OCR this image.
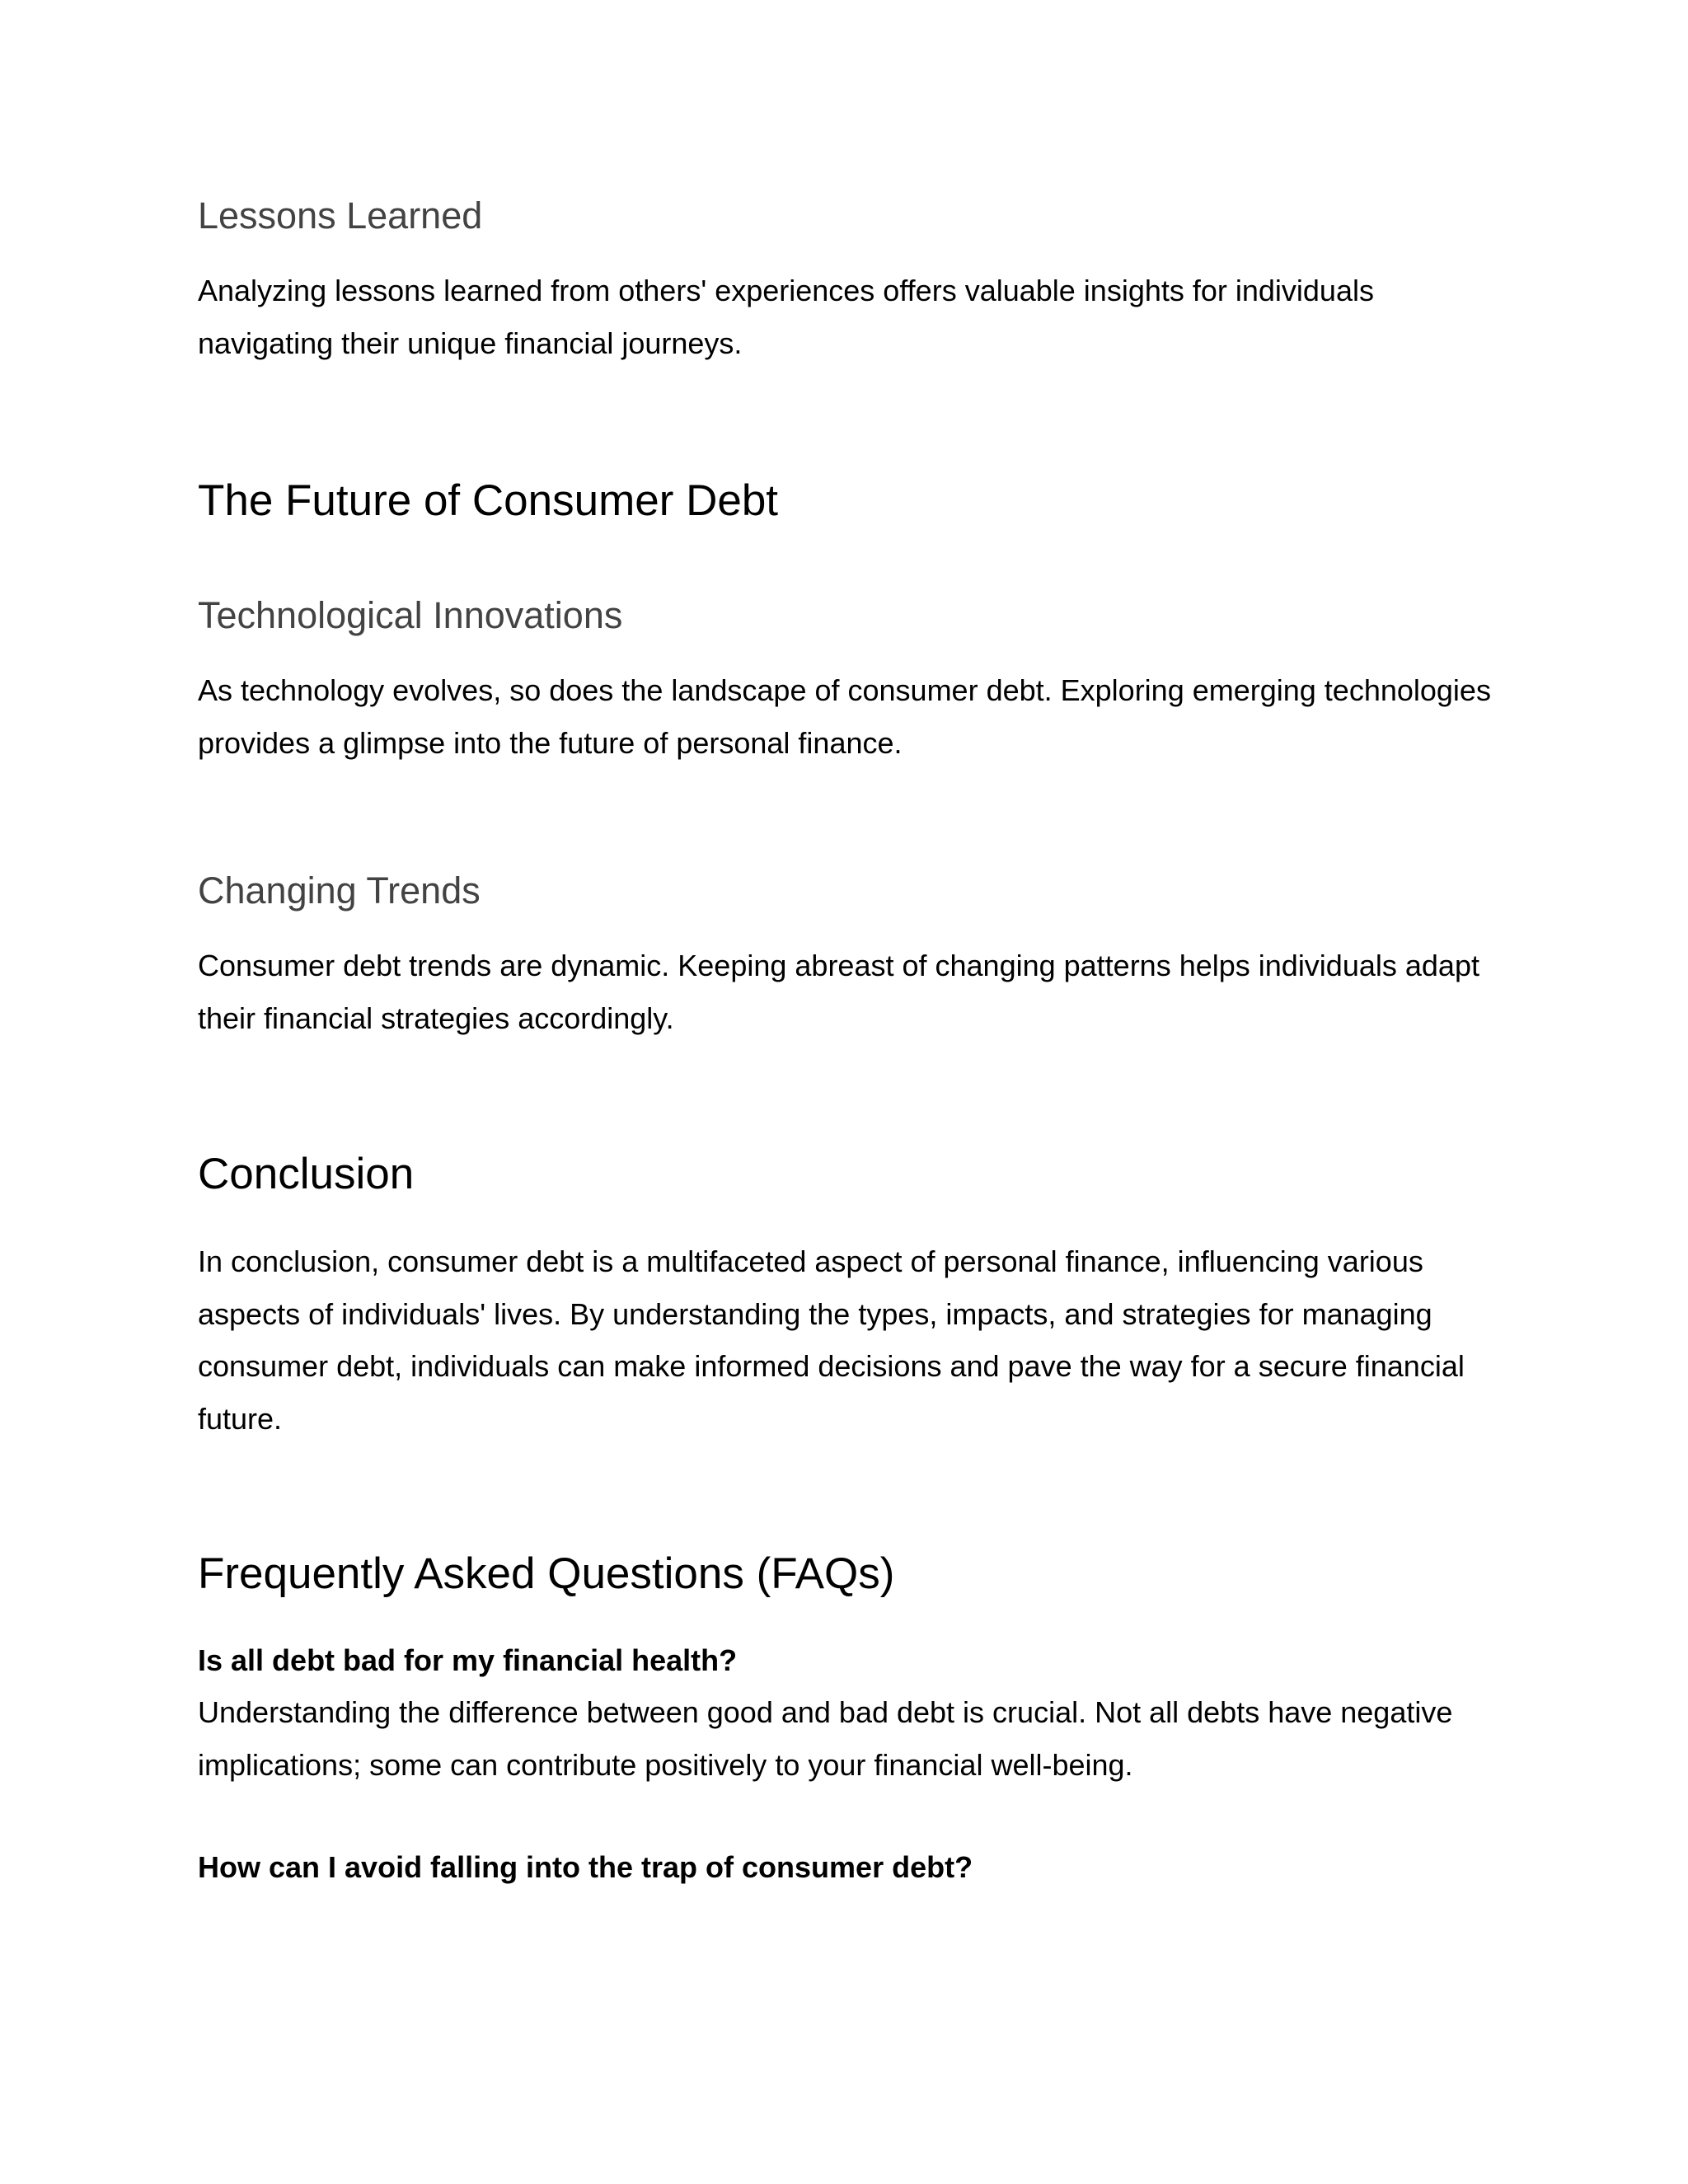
Lessons Learned

Analyzing lessons learned from others' experiences offers valuable insights for individuals navigating their unique financial journeys.

The Future of Consumer Debt
Technological Innovations

As technology evolves, so does the landscape of consumer debt. Exploring emerging technologies provides a glimpse into the future of personal finance.

Changing Trends

Consumer debt trends are dynamic. Keeping abreast of changing patterns helps individuals adapt their financial strategies accordingly.

Conclusion

In conclusion, consumer debt is a multifaceted aspect of personal finance, influencing various aspects of individuals' lives. By understanding the types, impacts, and strategies for managing consumer debt, individuals can make informed decisions and pave the way for a secure financial future.

Frequently Asked Questions (FAQs)

Is all debt bad for my financial health?

Understanding the difference between good and bad debt is crucial. Not all debts have negative implications; some can contribute positively to your financial well-being.

How can I avoid falling into the trap of consumer debt?
